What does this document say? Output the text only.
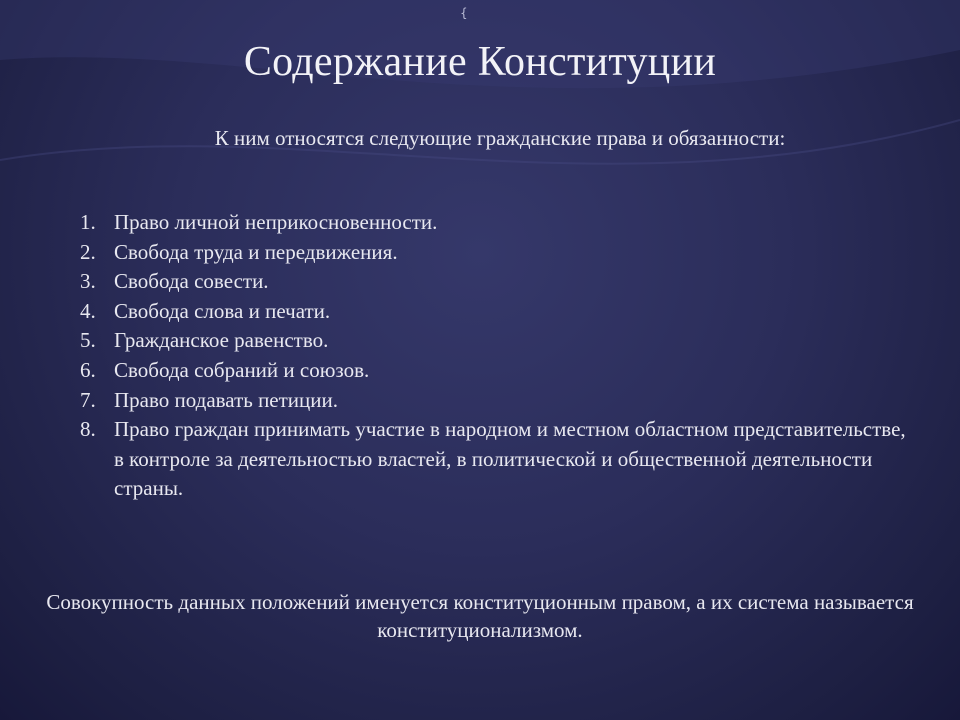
{
Содержание Конституции
К ним относятся следующие гражданские права и обязанности:
1. Право личной неприкосновенности.
2. Свобода труда и передвижения.
3. Свобода совести.
4. Свобода слова и печати.
5. Гражданское равенство.
6. Свобода собраний и союзов.
7. Право подавать петиции.
8. Право граждан принимать участие в народном и местном областном представительстве, в контроле за деятельностью властей, в политической и общественной деятельности страны.
Совокупность данных положений именуется конституционным правом, а их система называется конституционализмом.
